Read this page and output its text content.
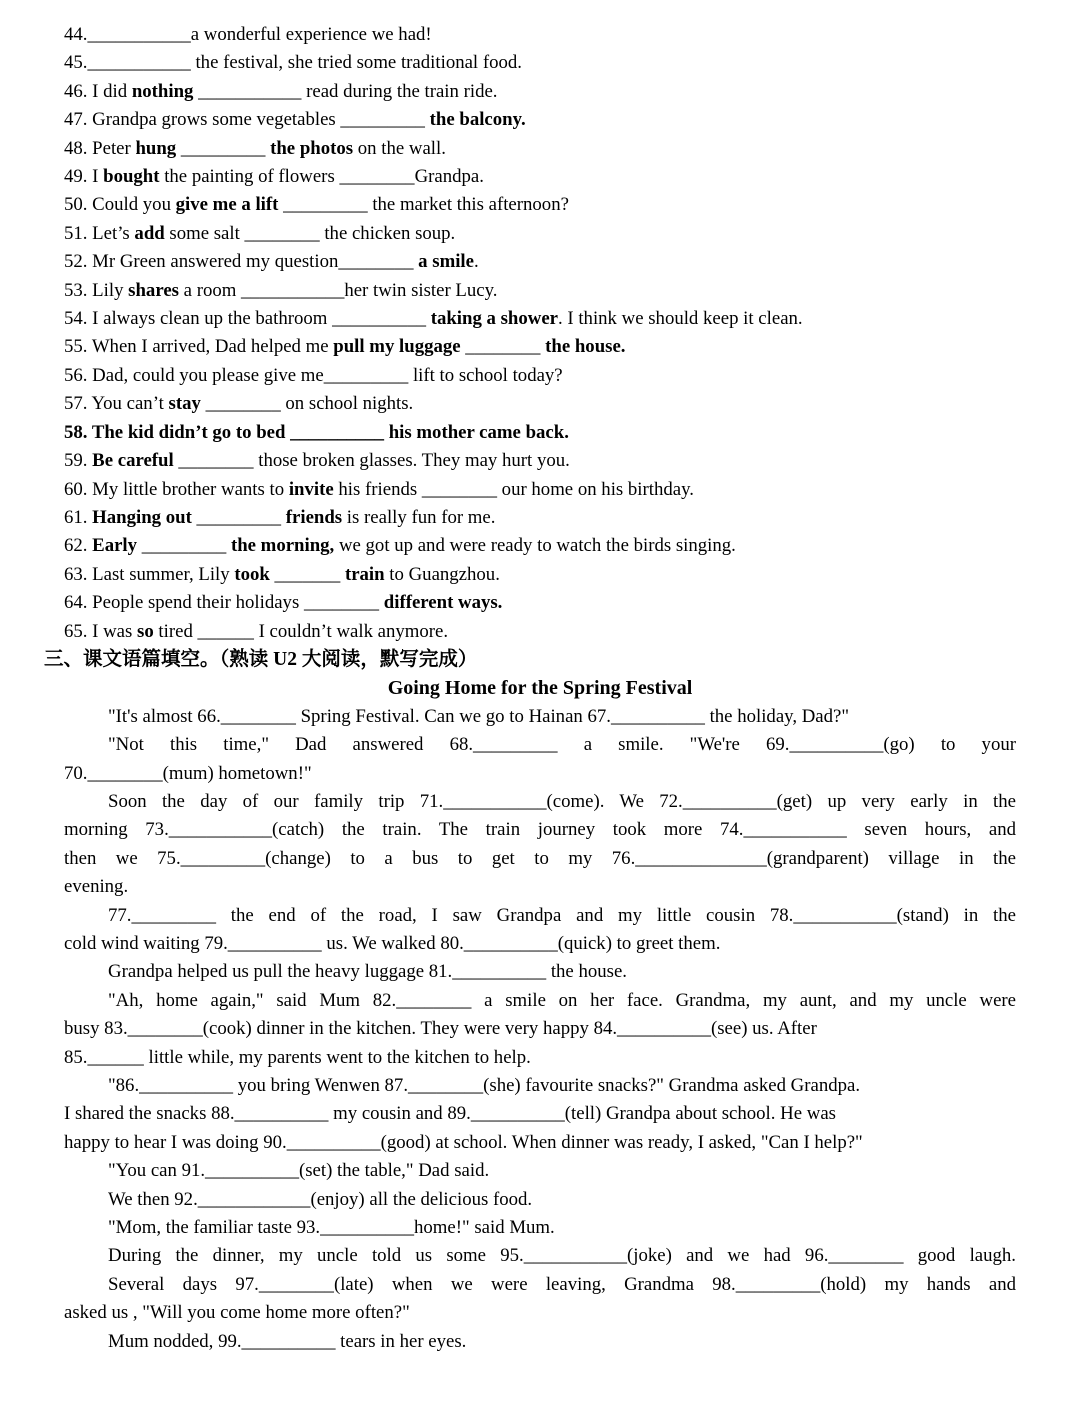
44.___________a wonderful experience we had!
45.___________ the festival, she tried some traditional food.
46. I did nothing ___________ read during the train ride.
47. Grandpa grows some vegetables _________ the balcony.
48. Peter hung _________ the photos on the wall.
49. I bought the painting of flowers ________Grandpa.
50. Could you give me a lift _________ the market this afternoon?
51. Let’s add some salt ________ the chicken soup.
52. Mr Green answered my question________ a smile.
53. Lily shares a room ___________her twin sister Lucy.
54. I always clean up the bathroom __________ taking a shower. I think we should keep it clean.
55. When I arrived, Dad helped me pull my luggage ________ the house.
56. Dad, could you please give me_________ lift to school today?
57. You can’t stay ________ on school nights.
58. The kid didn’t go to bed __________ his mother came back.
59. Be careful ________ those broken glasses. They may hurt you.
60. My little brother wants to invite his friends ________ our home on his birthday.
61. Hanging out _________ friends is really fun for me.
62. Early _________ the morning, we got up and were ready to watch the birds singing.
63. Last summer, Lily took _______ train to Guangzhou.
64. People spend their holidays ________ different ways.
65. I was so tired ______ I couldn’t walk anymore.
三、课文语篇填空。（熟读 U2 大阅读，默写完成）
Going Home for the Spring Festival
"It's almost 66.________ Spring Festival. Can we go to Hainan 67.__________ the holiday, Dad?"
"Not this time," Dad answered 68._________ a smile. "We're 69.__________(go) to your
70.________(mum) hometown!"
Soon the day of our family trip 71.___________(come). We 72.__________(get) up very early in the
morning 73.___________(catch) the train. The train journey took more 74.___________ seven hours, and
then we 75._________(change) to a bus to get to my 76.______________(grandparent) village in the
evening.
77._________ the end of the road, I saw Grandpa and my little cousin 78.___________(stand) in the
cold wind waiting 79.__________ us. We walked 80.__________(quick) to greet them.
Grandpa helped us pull the heavy luggage 81.__________ the house.
"Ah, home again," said Mum 82.________ a smile on her face. Grandma, my aunt, and my uncle were
busy 83.________(cook) dinner in the kitchen. They were very happy 84.__________(see) us. After
85.______ little while, my parents went to the kitchen to help.
"86.__________ you bring Wenwen 87.________(she) favourite snacks?" Grandma asked Grandpa.
I shared the snacks 88.__________ my cousin and 89.__________(tell) Grandpa about school. He was
happy to hear I was doing 90.__________(good) at school. When dinner was ready, I asked, "Can I help?"
"You can 91.__________(set) the table," Dad said.
We then 92.____________(enjoy) all the delicious food.
"Mom, the familiar taste 93.__________home!" said Mum.
During the dinner, my uncle told us some 95.___________(joke) and we had 96.________ good laugh.
Several days 97.________(late) when we were leaving, Grandma 98._________(hold) my hands and
asked us , "Will you come home more often?"
Mum nodded, 99.__________ tears in her eyes.
